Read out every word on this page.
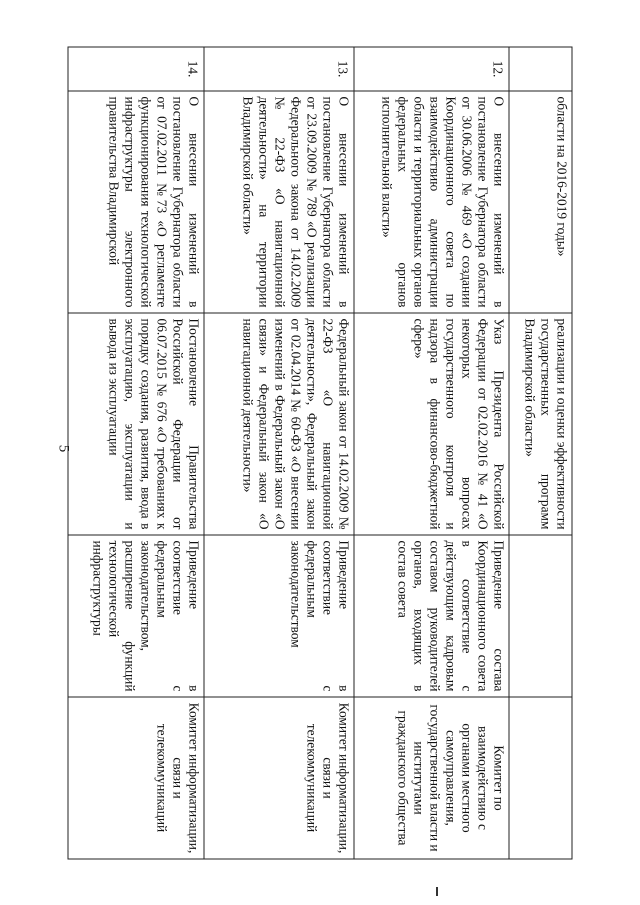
5
	области на 2016-2019 годы»	реализации и оценки эффективности государственных программ Владимирской области»		
12.	О внесении изменений в постановление Губернатора области от 30.06.2006 № 469 «О создании Координационного совета по взаимодействию администрации области и территориальных органов федеральных органов исполнительной власти»	Указ Президента Российской Федерации от 02.02.2016 № 41 «О некоторых вопросах государственного контроля и надзора в финансово-бюджетной сфере»	Приведение состава Координационного совета в соответствие с действующим кадровым составом руководителей органов, входящих в состав совета	Комитет по взаимодействию с органами местного самоуправления, государственной власти и институтами гражданского общества
13.	О внесении изменений в постановление Губернатора области от 23.09.2009 № 789 «О реализации Федерального закона от 14.02.2009 № 22-ФЗ «О навигационной деятельности» на территории Владимирской области»	Федеральный закон от 14.02.2009 № 22-ФЗ «О навигационной деятельности», Федеральный закон от 02.04.2014 № 60-ФЗ «О внесении изменений в Федеральный закон «О связи» и Федеральный закон «О навигационной деятельности»	Приведение в соответствие с федеральным законодательством	Комитет информатизации, связи и телекоммуникаций
14.	О внесении изменений в постановление Губернатора области от 07.02.2011 №73 «О регламенте функционирования технологической инфраструктуры электронного правительства Владимирской	Постановление Правительства Российской Федерации от 06.07.2015 № 676 «О требованиях к порядку создания, развития, ввода в эксплуатацию, эксплуатации и вывода из эксплуатации	Приведение в соответствие с федеральным законодательством, расширение функций технологической инфраструктуры	Комитет информатизации, связи и телекоммуникаций
